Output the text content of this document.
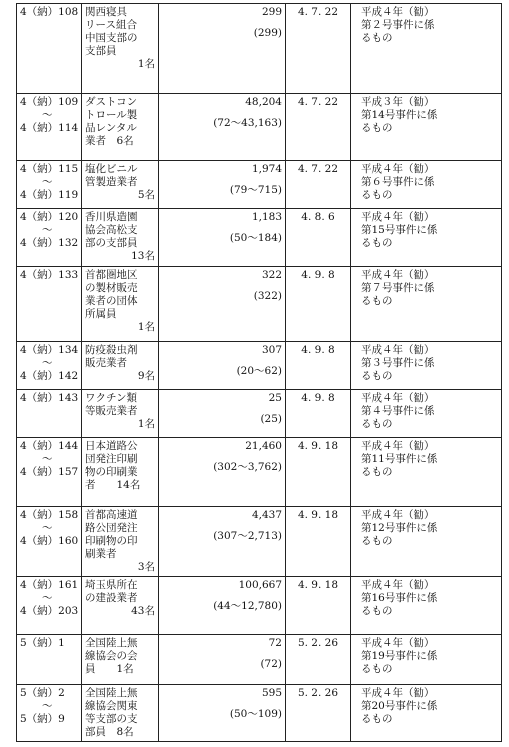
4（納）108	関西寝具
リース組合
中国支部の
支部員
1名	299
(299)	4. 7. 22	平成４年（勧）
第２号事件に係
るもの

4（納）109
〜
4（納）114	ダストコン
トロール製
品レンタル
業者　6名	48,204
(72〜43,163)	4. 7. 22	平成３年（勧）
第14号事件に係
るもの

4（納）115
〜
4（納）119	塩化ビニル
管製造業者
5名	1,974
(79〜715)	4. 7. 22	平成４年（勧）
第６号事件に係
るもの

4（納）120
〜
4（納）132	香川県造園
協会高松支
部の支部員
13名	1,183
(50〜184)	4. 8. 6	平成４年（勧）
第15号事件に係
るもの

4（納）133	首都圏地区
の製材販売
業者の団体
所属員
1名	322
(322)	4. 9. 8	平成４年（勧）
第７号事件に係
るもの

4（納）134
〜
4（納）142	防疫殺虫剤
販売業者
9名	307
(20〜62)	4. 9. 8	平成４年（勧）
第３号事件に係
るもの

4（納）143	ワクチン類
等販売業者
1名	25
(25)	4. 9. 8	平成４年（勧）
第４号事件に係
るもの

4（納）144
〜
4（納）157	日本道路公
団発注印刷
物の印刷業
者　　14名	21,460
(302〜3,762)	4. 9. 18	平成４年（勧）
第11号事件に係
るもの

4（納）158
〜
4（納）160	首都高速道
路公団発注
印刷物の印
刷業者
3名	4,437
(307〜2,713)	4. 9. 18	平成４年（勧）
第12号事件に係
るもの

4（納）161
〜
4（納）203	埼玉県所在
の建設業者
43名	100,667
(44〜12,780)	4. 9. 18	平成４年（勧）
第16号事件に係
るもの

5（納）1	全国陸上無
線協会の会
員　　1名	72
(72)	5. 2. 26	平成４年（勧）
第19号事件に係
るもの

5（納）2
〜
5（納）9	全国陸上無
線協会関東
等支部の支
部員　8名	595
(50〜109)	5. 2. 26	平成４年（勧）
第20号事件に係
るもの
